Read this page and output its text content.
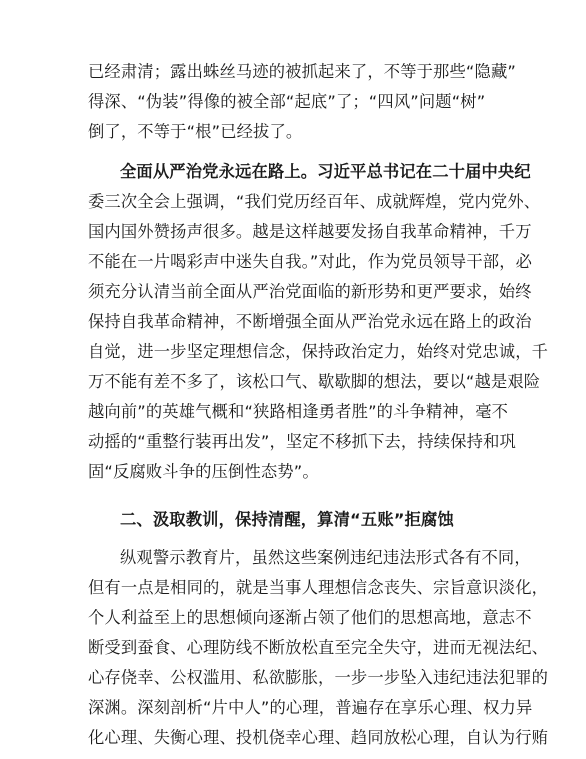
已经肃清；露出蛛丝马迹的被抓起来了，不等于那些“隐藏”
得深、“伪装”得像的被全部“起底”了；“四风”问题“树”
倒了，不等于“根”已经拔了。
全面从严治党永远在路上。习近平总书记在二十届中央纪
委三次全会上强调，“我们党历经百年、成就辉煌，党内党外、
国内国外赞扬声很多。越是这样越要发扬自我革命精神，千万
不能在一片喝彩声中迷失自我。”对此，作为党员领导干部，必
须充分认清当前全面从严治党面临的新形势和更严要求，始终
保持自我革命精神，不断增强全面从严治党永远在路上的政治
自觉，进一步坚定理想信念，保持政治定力，始终对党忠诚，千
万不能有差不多了，该松口气、歇歇脚的想法，要以“越是艰险
越向前”的英雄气概和“狭路相逢勇者胜”的斗争精神，毫不
动摇的“重整行装再出发”，坚定不移抓下去，持续保持和巩
固“反腐败斗争的压倒性态势”。
二、汲取教训，保持清醒，算清“五账”拒腐蚀
纵观警示教育片，虽然这些案例违纪违法形式各有不同，
但有一点是相同的，就是当事人理想信念丧失、宗旨意识淡化，
个人利益至上的思想倾向逐渐占领了他们的思想高地，意志不
断受到蚕食、心理防线不断放松直至完全失守，进而无视法纪、
心存侥幸、公权滥用、私欲膨胀，一步一步坠入违纪违法犯罪的
深渊。深刻剖析“片中人”的心理，普遍存在享乐心理、权力异
化心理、失衡心理、投机侥幸心理、趋同放松心理，自认为行贿
